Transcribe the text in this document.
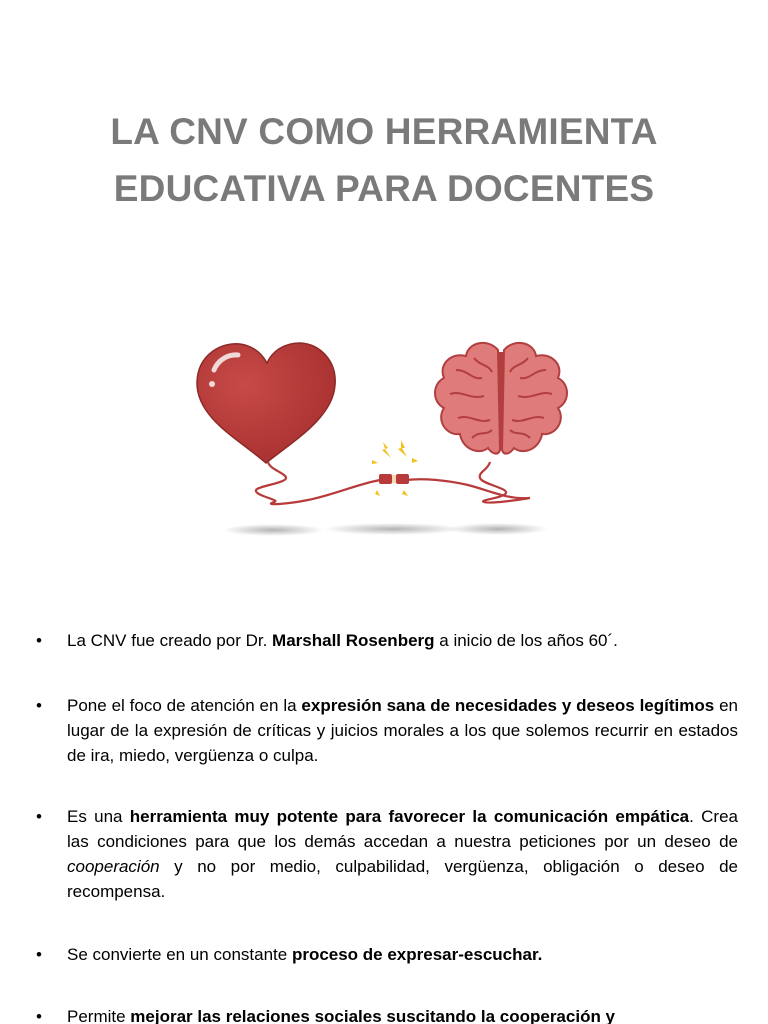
LA CNV COMO HERRAMIENTA
EDUCATIVA PARA DOCENTES
• La CNV fue creado por Dr. Marshall Rosenberg a inicio de los años 60´.
• Pone el foco de atención en la expresión sana de necesidades y deseos legítimos en lugar de la expresión de críticas y juicios morales a los que solemos recurrir en estados de ira, miedo, vergüenza o culpa.
• Es una herramienta muy potente para favorecer la comunicación empática. Crea las condiciones para que los demás accedan a nuestra peticiones por un deseo de cooperación y no por medio, culpabilidad, vergüenza, obligación o deseo de recompensa.
• Se convierte en un constante proceso de expresar-escuchar.
• Permite mejorar las relaciones sociales suscitando la cooperación y
